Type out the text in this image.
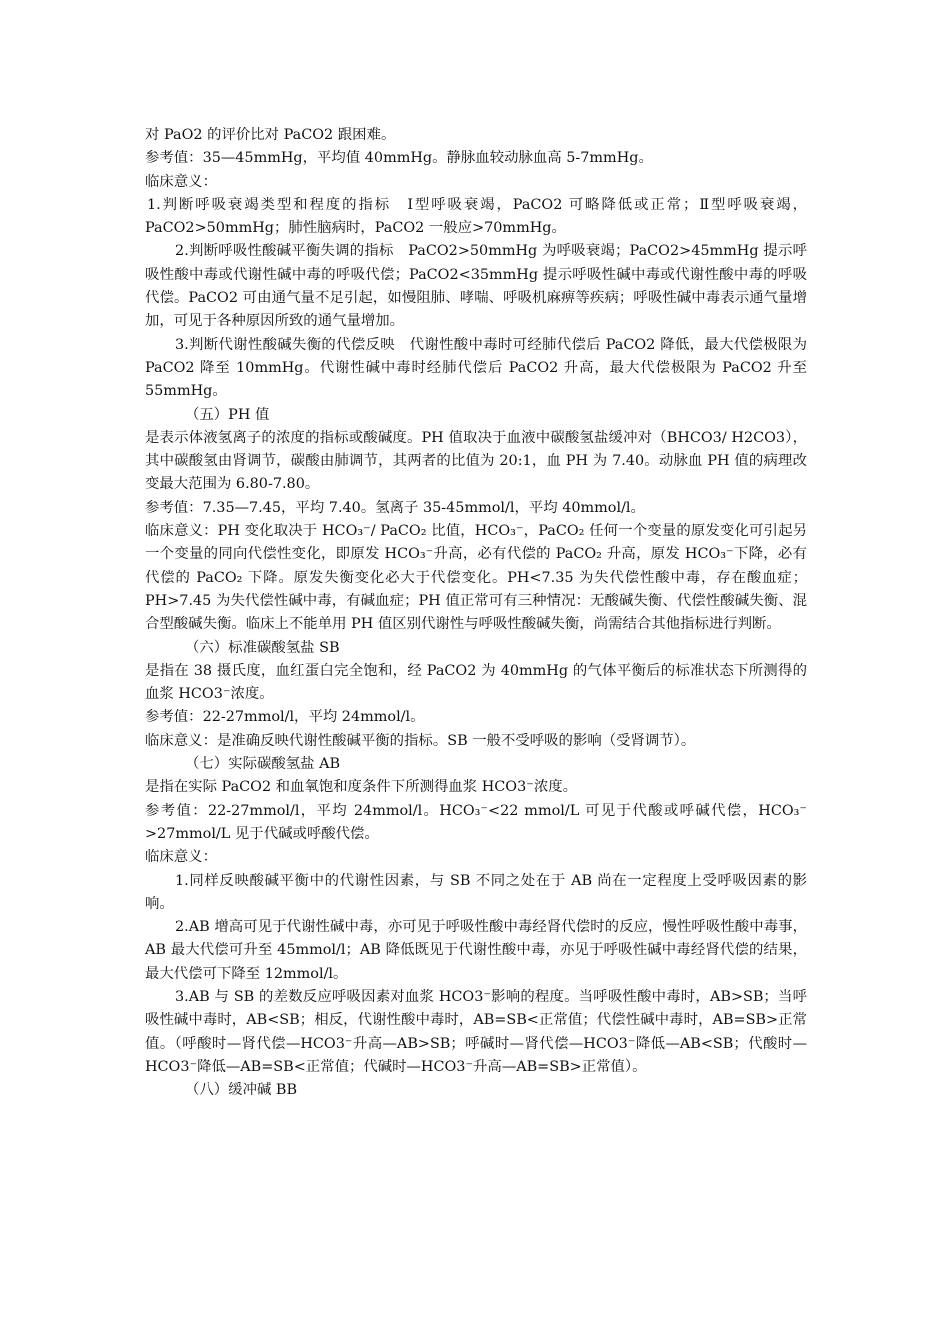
对 PaO2 的评价比对 PaCO2 跟困难。

参考值：35—45mmHg，平均值 40mmHg。静脉血较动脉血高 5-7mmHg。

临床意义：

1.判断呼吸衰竭类型和程度的指标　Ⅰ型呼吸衰竭，PaCO2 可略降低或正常；Ⅱ型呼吸衰竭，PaCO2>50mmHg；肺性脑病时，PaCO2 一般应>70mmHg。

2.判断呼吸性酸碱平衡失调的指标　PaCO2>50mmHg 为呼吸衰竭；PaCO2>45mmHg 提示呼吸性酸中毒或代谢性碱中毒的呼吸代偿；PaCO2<35mmHg 提示呼吸性碱中毒或代谢性酸中毒的呼吸代偿。PaCO2 可由通气量不足引起，如慢阻肺、哮喘、呼吸机麻痹等疾病；呼吸性碱中毒表示通气量增加，可见于各种原因所致的通气量增加。

3.判断代谢性酸碱失衡的代偿反映　代谢性酸中毒时可经肺代偿后 PaCO2 降低，最大代偿极限为 PaCO2 降至 10mmHg。代谢性碱中毒时经肺代偿后 PaCO2 升高，最大代偿极限为 PaCO2 升至 55mmHg。

（五）PH 值

是表示体液氢离子的浓度的指标或酸碱度。PH 值取决于血液中碳酸氢盐缓冲对（BHCO3/ H2CO3），其中碳酸氢由肾调节，碳酸由肺调节，其两者的比值为 20:1，血 PH 为 7.40。动脉血 PH 值的病理改变最大范围为 6.80-7.80。

参考值：7.35—7.45，平均 7.40。氢离子 35-45mmol/l，平均 40mmol/l。

临床意义：PH 变化取决于 HCO₃⁻/ PaCO₂ 比值，HCO₃⁻，PaCO₂ 任何一个变量的原发变化可引起另一个变量的同向代偿性变化，即原发 HCO₃⁻升高，必有代偿的 PaCO₂ 升高，原发 HCO₃⁻下降，必有代偿的 PaCO₂ 下降。原发失衡变化必大于代偿变化。PH<7.35 为失代偿性酸中毒，存在酸血症；PH>7.45 为失代偿性碱中毒，有碱血症；PH 值正常可有三种情况：无酸碱失衡、代偿性酸碱失衡、混合型酸碱失衡。临床上不能单用 PH 值区别代谢性与呼吸性酸碱失衡，尚需结合其他指标进行判断。

（六）标准碳酸氢盐 SB

是指在 38 摄氏度，血红蛋白完全饱和，经 PaCO2 为 40mmHg 的气体平衡后的标准状态下所测得的血浆 HCO3⁻浓度。

参考值：22-27mmol/l，平均 24mmol/l。

临床意义：是准确反映代谢性酸碱平衡的指标。SB 一般不受呼吸的影响（受肾调节）。

（七）实际碳酸氢盐 AB

是指在实际 PaCO2 和血氧饱和度条件下所测得血浆 HCO3⁻浓度。

参考值：22-27mmol/l，平均 24mmol/l。HCO₃⁻<22 mmol/L 可见于代酸或呼碱代偿，HCO₃⁻ >27mmol/L 见于代碱或呼酸代偿。

临床意义：

1.同样反映酸碱平衡中的代谢性因素，与 SB 不同之处在于 AB 尚在一定程度上受呼吸因素的影响。

2.AB 增高可见于代谢性碱中毒，亦可见于呼吸性酸中毒经肾代偿时的反应，慢性呼吸性酸中毒事，AB 最大代偿可升至 45mmol/l；AB 降低既见于代谢性酸中毒，亦见于呼吸性碱中毒经肾代偿的结果，最大代偿可下降至 12mmol/l。

3.AB 与 SB 的差数反应呼吸因素对血浆 HCO3⁻影响的程度。当呼吸性酸中毒时，AB>SB；当呼吸性碱中毒时，AB<SB；相反，代谢性酸中毒时，AB=SB<正常值；代偿性碱中毒时，AB=SB>正常值。（呼酸时—肾代偿—HCO3⁻升高—AB>SB；呼碱时—肾代偿—HCO3⁻降低—AB<SB；代酸时—HCO3⁻降低—AB=SB<正常值；代碱时—HCO3⁻升高—AB=SB>正常值）。

（八）缓冲碱 BB
